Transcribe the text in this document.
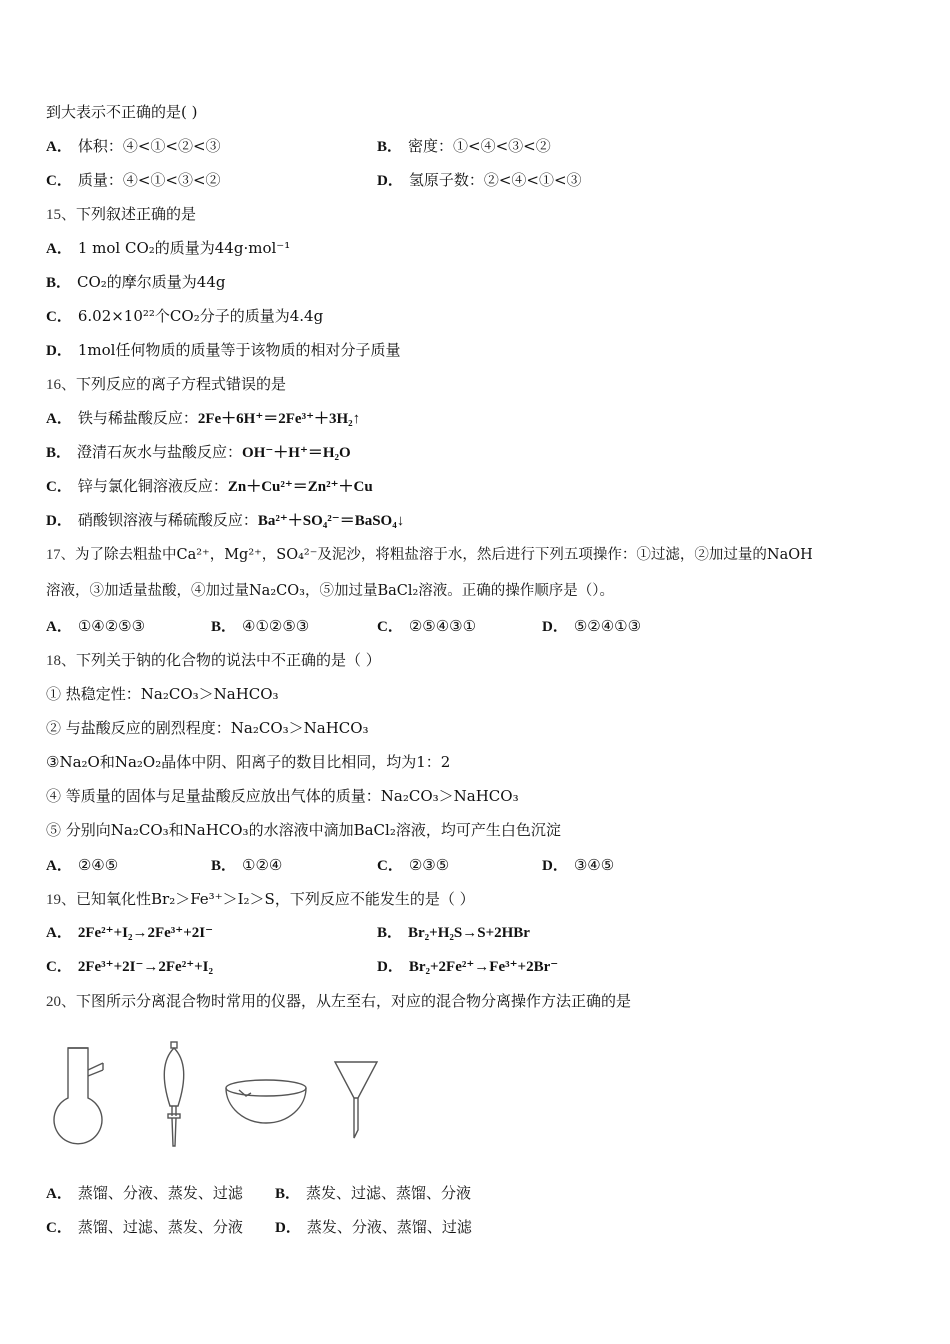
到大表示不正确的是( )
A． 体积：④<①<②<③	B． 密度：①<④<③<②
C． 质量：④<①<③<②	D． 氢原子数：②<④<①<③
15、下列叙述正确的是
A． 1 mol CO₂的质量为44g·mol⁻¹
B． CO₂的摩尔质量为44g
C． 6.02×10²²个CO₂分子的质量为4.4g
D． 1mol任何物质的质量等于该物质的相对分子质量
16、下列反应的离子方程式错误的是
A． 铁与稀盐酸反应：2Fe＋6H⁺＝2Fe³⁺＋3H₂↑
B． 澄清石灰水与盐酸反应：OH⁻＋H⁺＝H₂O
C． 锌与氯化铜溶液反应：Zn＋Cu²⁺＝Zn²⁺＋Cu
D． 硝酸钡溶液与稀硫酸反应：Ba²⁺＋SO₄²⁻＝BaSO₄↓
17、为了除去粗盐中Ca²⁺，Mg²⁺，SO₄²⁻及泥沙，将粗盐溶于水，然后进行下列五项操作：①过滤，②加过量的NaOH
溶液，③加适量盐酸，④加过量Na₂CO₃，⑤加过量BaCl₂溶液。正确的操作顺序是（）。
A． ①④②⑤③	B． ④①②⑤③	C． ②⑤④③①	D． ⑤②④①③
18、下列关于钠的化合物的说法中不正确的是（ ）
① 热稳定性：Na₂CO₃＞NaHCO₃
② 与盐酸反应的剧烈程度：Na₂CO₃＞NaHCO₃
③Na₂O和Na₂O₂晶体中阴、阳离子的数目比相同，均为1：2
④ 等质量的固体与足量盐酸反应放出气体的质量：Na₂CO₃＞NaHCO₃
⑤ 分别向Na₂CO₃和NaHCO₃的水溶液中滴加BaCl₂溶液，均可产生白色沉淀
A． ②④⑤	B． ①②④	C． ②③⑤	D． ③④⑤
19、已知氧化性Br₂＞Fe³⁺＞I₂＞S，下列反应不能发生的是（ ）
A． 2Fe²⁺+I₂→2Fe³⁺+2I⁻	B． Br₂+H₂S→S+2HBr
C． 2Fe³⁺+2I⁻→2Fe²⁺+I₂	D． Br₂+2Fe²⁺→Fe³⁺+2Br⁻
20、下图所示分离混合物时常用的仪器，从左至右，对应的混合物分离操作方法正确的是
A． 蒸馏、分液、蒸发、过滤 B． 蒸发、过滤、蒸馏、分液
C． 蒸馏、过滤、蒸发、分液 D． 蒸发、分液、蒸馏、过滤
